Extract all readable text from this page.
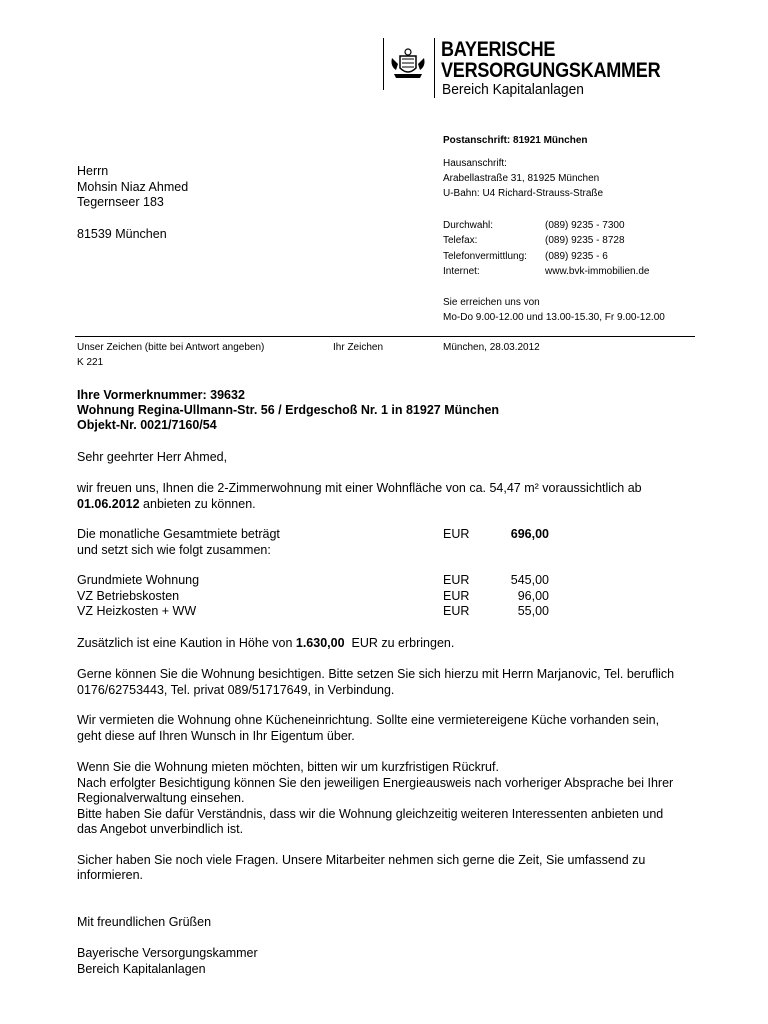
BAYERISCHE
VERSORGUNGSKAMMER
Bereich Kapitalanlagen
Postanschrift: 81921 München
Hausanschrift:
Arabellastraße 31, 81925 München
U-Bahn: U4 Richard-Strauss-Straße
Durchwahl:	(089) 9235 - 7300
Telefax:	(089) 9235 - 8728
Telefonvermittlung: (089) 9235 - 6
Internet:	www.bvk-immobilien.de
Sie erreichen uns von
Mo-Do 9.00-12.00 und 13.00-15.30, Fr 9.00-12.00
Herrn
Mohsin Niaz Ahmed
Tegernseer 183
81539 München
Unser Zeichen (bitte bei Antwort angeben)
K 221
Ihr Zeichen	München, 28.03.2012
Ihre Vormerknummer: 39632
Wohnung Regina-Ullmann-Str. 56 / Erdgeschoß Nr. 1 in 81927 München
Objekt-Nr. 0021/7160/54
Sehr geehrter Herr Ahmed,
wir freuen uns, Ihnen die 2-Zimmerwohnung mit einer Wohnfläche von ca. 54,47 m² voraussichtlich ab
01.06.2012 anbieten zu können.
Die monatliche Gesamtmiete beträgt
und setzt sich wie folgt zusammen:
EUR	696,00
Grundmiete Wohnung	EUR	545,00
VZ Betriebskosten	EUR	96,00
VZ Heizkosten + WW	EUR	55,00
Zusätzlich ist eine Kaution in Höhe von 1.630,00  EUR zu erbringen.
Gerne können Sie die Wohnung besichtigen. Bitte setzen Sie sich hierzu mit Herrn Marjanovic, Tel. beruflich
0176/62753443, Tel. privat 089/51717649, in Verbindung.
Wir vermieten die Wohnung ohne Kücheneinrichtung. Sollte eine vermietereigene Küche vorhanden sein,
geht diese auf Ihren Wunsch in Ihr Eigentum über.
Wenn Sie die Wohnung mieten möchten, bitten wir um kurzfristigen Rückruf.
Nach erfolgter Besichtigung können Sie den jeweiligen Energieausweis nach vorheriger Absprache bei Ihrer
Regionalverwaltung einsehen.
Bitte haben Sie dafür Verständnis, dass wir die Wohnung gleichzeitig weiteren Interessenten anbieten und
das Angebot unverbindlich ist.
Sicher haben Sie noch viele Fragen. Unsere Mitarbeiter nehmen sich gerne die Zeit, Sie umfassend zu
informieren.
Mit freundlichen Grüßen
Bayerische Versorgungskammer
Bereich Kapitalanlagen
